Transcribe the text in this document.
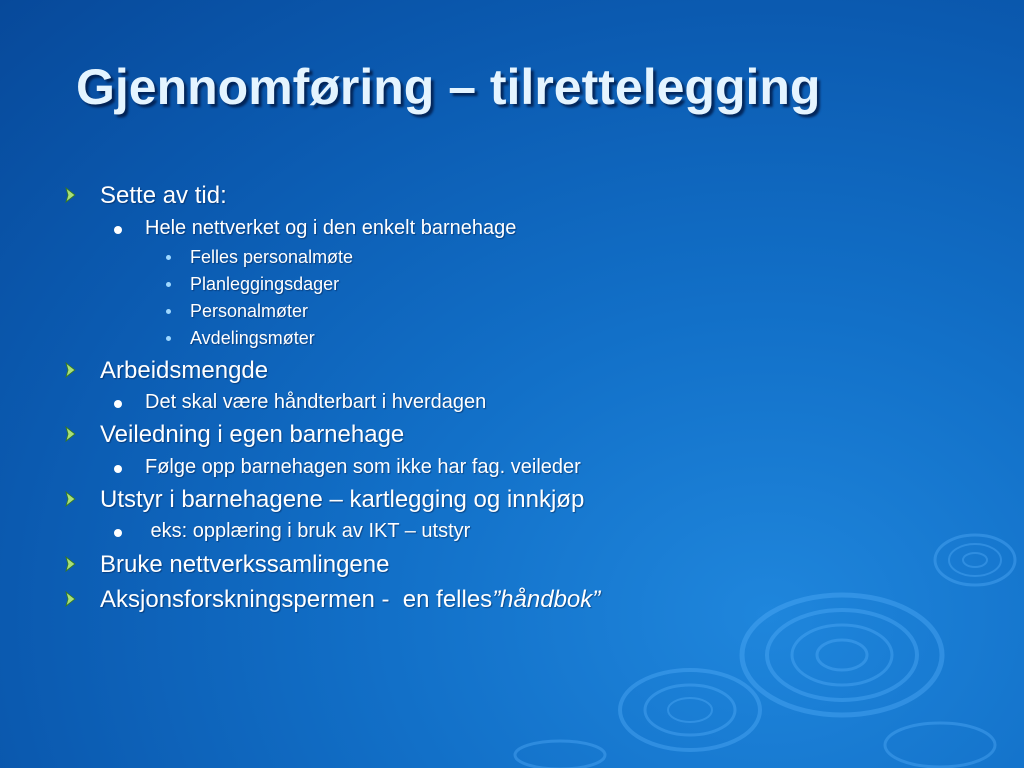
Gjennomføring – tilrettelegging
Sette av tid:
Hele nettverket og i den enkelt barnehage
Felles personalmøte
Planleggingsdager
Personalmøter
Avdelingsmøter
Arbeidsmengde
Det skal være håndterbart i hverdagen
Veiledning i egen barnehage
Følge opp barnehagen som ikke har fag. veileder
Utstyr i barnehagene – kartlegging og innkjøp
eks: opplæring i bruk av IKT – utstyr
Bruke nettverkssamlingene
Aksjonsforskningspermen -  en felles”håndbok”
